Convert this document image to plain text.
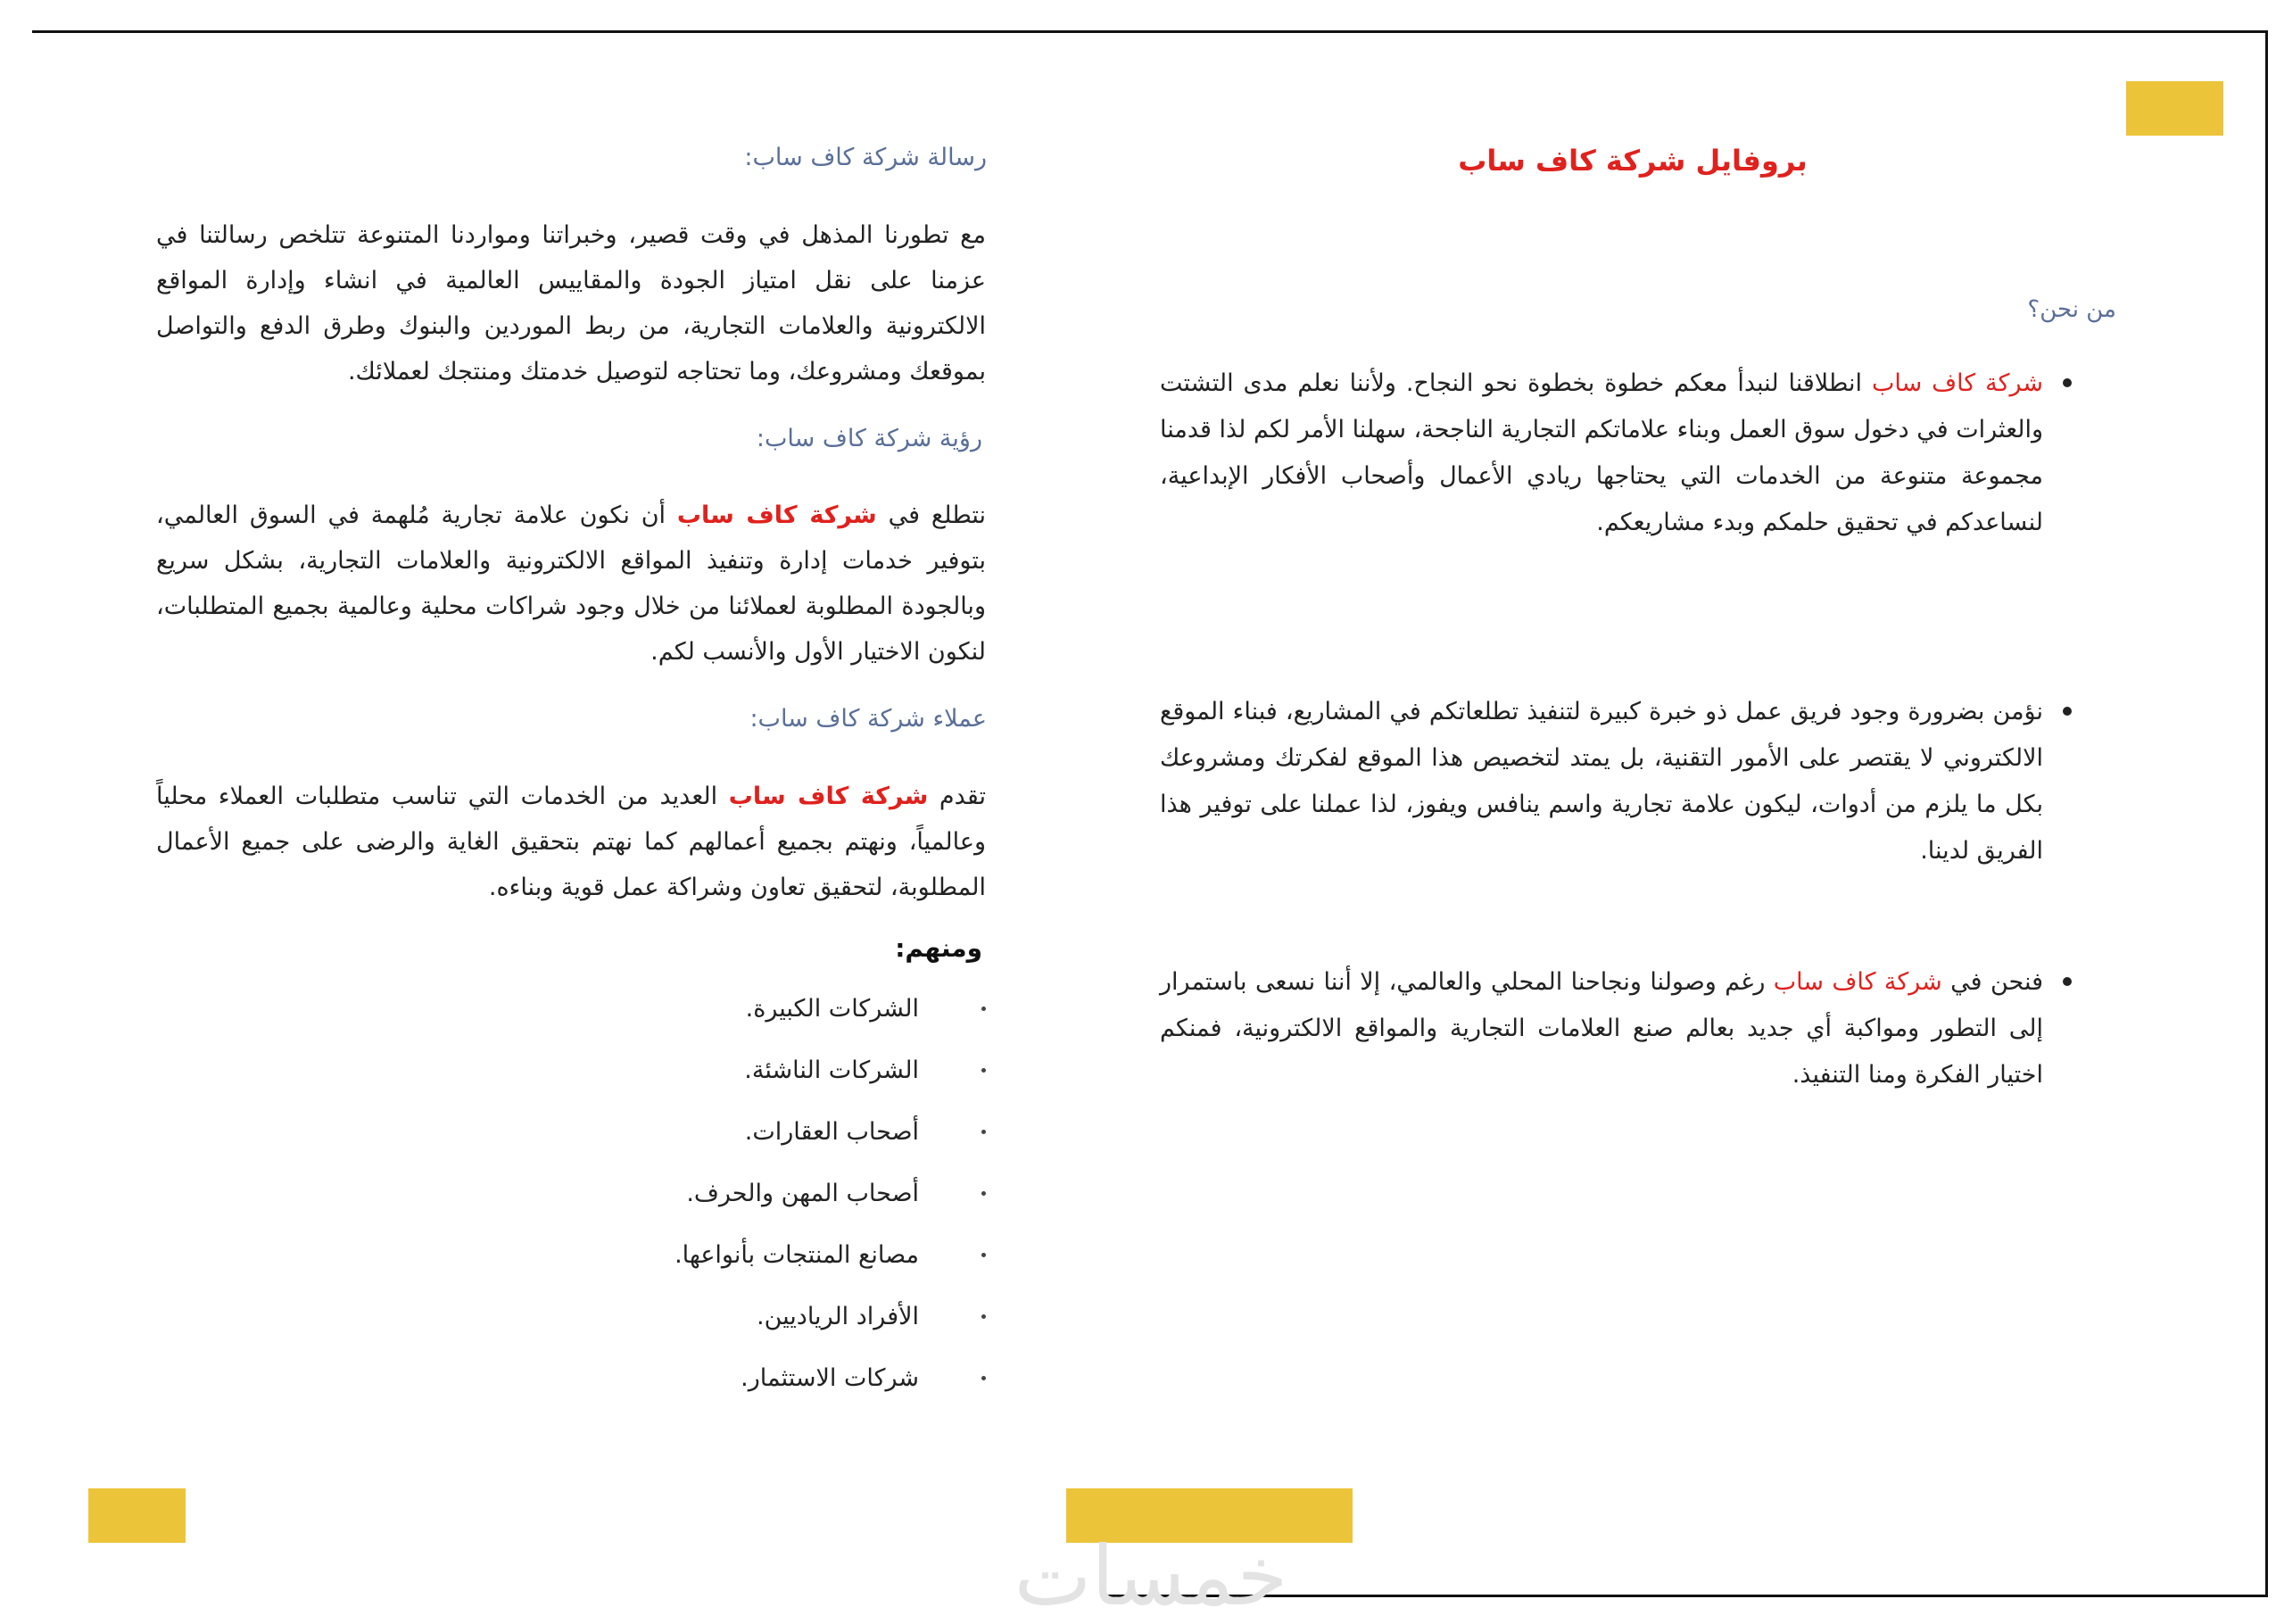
بروفايل شركة كاف ساب
من نحن؟
شركة كاف ساب انطلاقنا لنبدأ معكم خطوة بخطوة نحو النجاح. ولأننا نعلم مدى التشتت والعثرات في دخول سوق العمل وبناء علاماتكم التجارية الناجحة، سهلنا الأمر لكم لذا قدمنا مجموعة متنوعة من الخدمات التي يحتاجها ريادي الأعمال وأصحاب الأفكار الإبداعية، لنساعدكم في تحقيق حلمكم وبدء مشاريعكم.
نؤمن بضرورة وجود فريق عمل ذو خبرة كبيرة لتنفيذ تطلعاتكم في المشاريع، فبناء الموقع الالكتروني لا يقتصر على الأمور التقنية، بل يمتد لتخصيص هذا الموقع لفكرتك ومشروعك بكل ما يلزم من أدوات، ليكون علامة تجارية واسم ينافس ويفوز، لذا عملنا على توفير هذا الفريق لدينا.
فنحن في شركة كاف ساب رغم وصولنا ونجاحنا المحلي والعالمي، إلا أننا نسعى باستمرار إلى التطور ومواكبة أي جديد بعالم صنع العلامات التجارية والمواقع الالكترونية، فمنكم اختيار الفكرة ومنا التنفيذ.
رسالة شركة كاف ساب:
مع تطورنا المذهل في وقت قصير، وخبراتنا ومواردنا المتنوعة تتلخص رسالتنا في عزمنا على نقل امتياز الجودة والمقاييس العالمية في انشاء وإدارة المواقع الالكترونية والعلامات التجارية، من ربط الموردين والبنوك وطرق الدفع والتواصل بموقعك ومشروعك، وما تحتاجه لتوصيل خدمتك ومنتجك لعملائك.
رؤية شركة كاف ساب:
نتطلع في شركة كاف ساب أن نكون علامة تجارية مُلهمة في السوق العالمي، بتوفير خدمات إدارة وتنفيذ المواقع الالكترونية والعلامات التجارية، بشكل سريع وبالجودة المطلوبة لعملائنا من خلال وجود شراكات محلية وعالمية بجميع المتطلبات، لنكون الاختيار الأول والأنسب لكم.
عملاء شركة كاف ساب:
تقدم شركة كاف ساب العديد من الخدمات التي تناسب متطلبات العملاء محلياً وعالمياً، ونهتم بجميع أعمالهم كما نهتم بتحقيق الغاية والرضى على جميع الأعمال المطلوبة، لتحقيق تعاون وشراكة عمل قوية وبناءه.
ومنهم:
الشركات الكبيرة.
الشركات الناشئة.
أصحاب العقارات.
أصحاب المهن والحرف.
مصانع المنتجات بأنواعها.
الأفراد الرياديين.
شركات الاستثمار.
خمسات
